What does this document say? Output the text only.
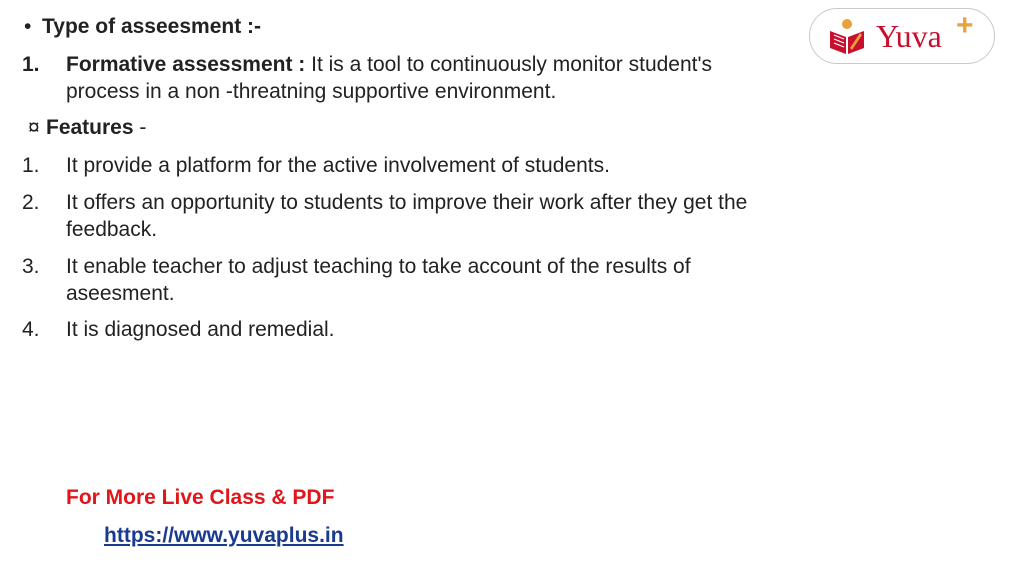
• Type of asseesment :-
1. Formative assessment : It is a tool to continuously monitor student's
process in a non -threatning supportive environment.
¤ Features -
1. It provide a platform for the active involvement of students.
2. It offers an opportunity to students to improve their work after they get the
feedback.
3. It enable teacher to adjust teaching to take account of the results of
aseesment.
4. It is diagnosed and remedial.
Yuva +
For More Live Class & PDF
https://www.yuvaplus.in
